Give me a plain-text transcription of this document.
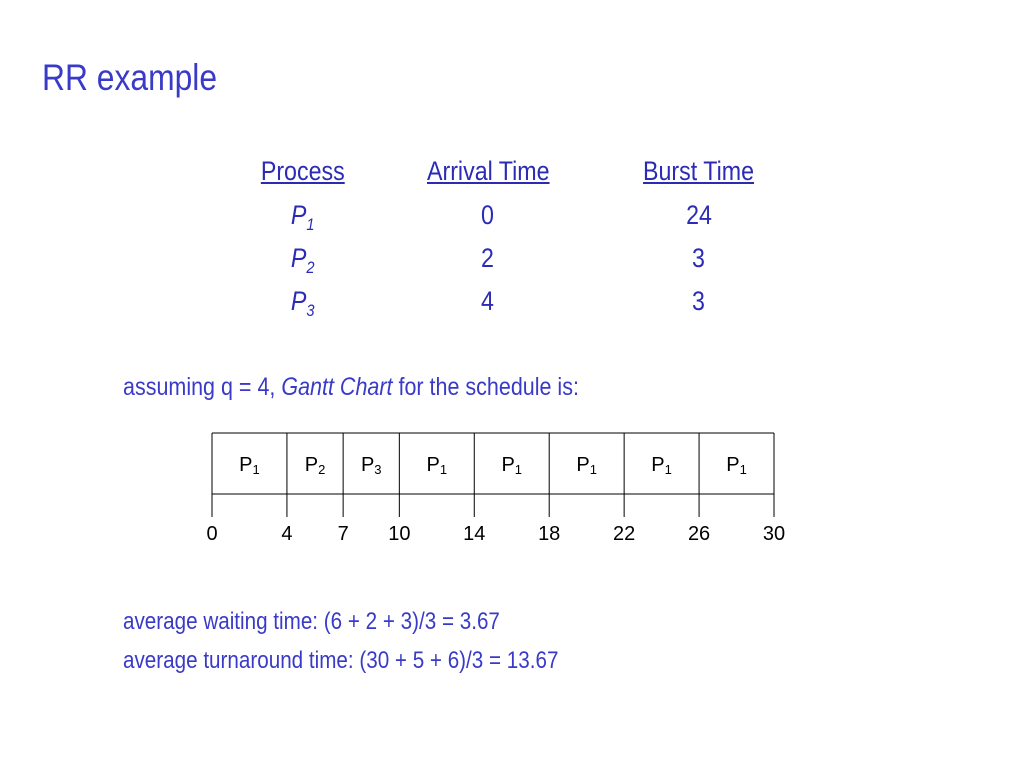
RR example
Process	Arrival Time	Burst Time
$P_1$	0	24
$P_2$	2	3
$P_3$	4	3
assuming q = 4, Gantt Chart for the schedule is:
P1 P2 P3 P1	P1	P1	P1	P1
0	4 7 10	14	18	22	26	30
average waiting time: (6 + 2 + 3)/3 = 3.67
average turnaround time: (30 + 5 + 6)/3 = 13.67
